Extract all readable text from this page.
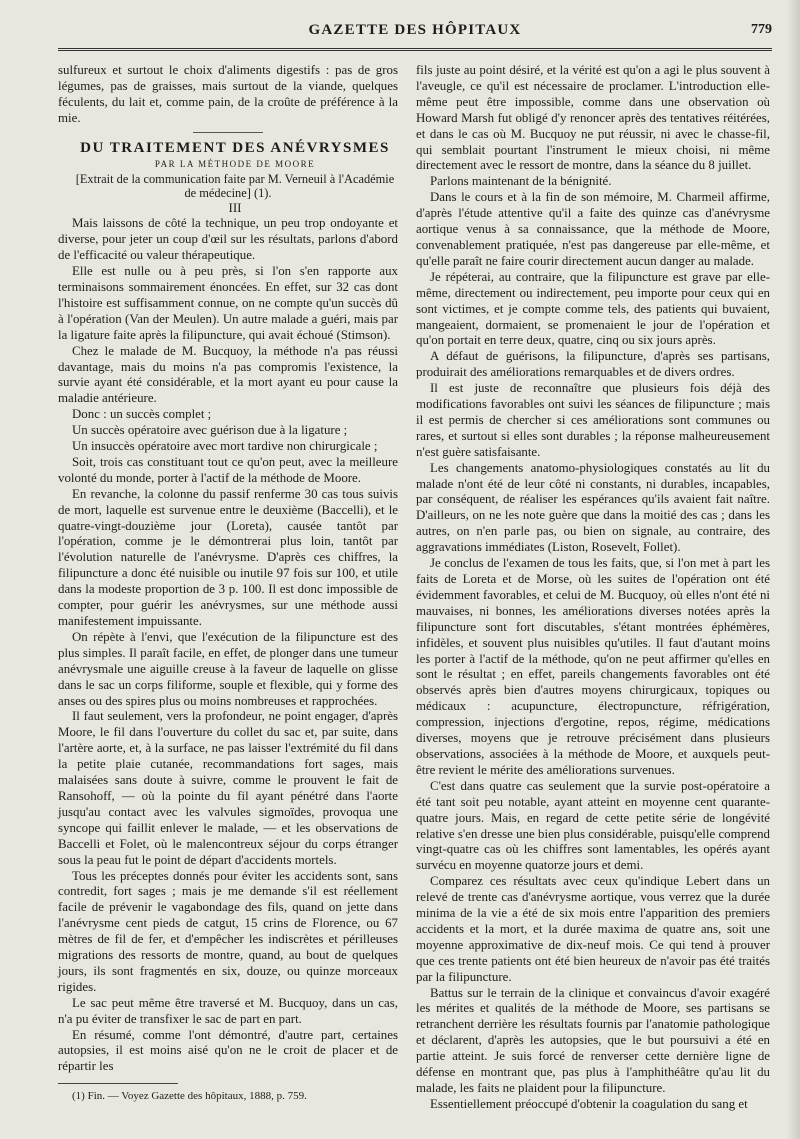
GAZETTE DES HÔPITAUX	779

sulfureux et surtout le choix d'aliments digestifs : pas de gros légumes, pas de graisses, mais surtout de la viande, quelques féculents, du lait et, comme pain, de la croûte de préférence à la mie.

DU TRAITEMENT DES ANÉVRYSMES

PAR LA MÉTHODE DE MOORE

[Extrait de la communication faite par M. Verneuil à l'Académie de médecine] (1).

III

Mais laissons de côté la technique, un peu trop ondoyante et diverse, pour jeter un coup d'œil sur les résultats, parlons d'abord de l'efficacité ou valeur thérapeutique.

Elle est nulle ou à peu près, si l'on s'en rapporte aux terminaisons sommairement énoncées. En effet, sur 32 cas dont l'histoire est suffisamment connue, on ne compte qu'un succès dû à l'opération (Van der Meulen). Un autre malade a guéri, mais par la ligature faite après la filipuncture, qui avait échoué (Stimson).

Chez le malade de M. Bucquoy, la méthode n'a pas réussi davantage, mais du moins n'a pas compromis l'existence, la survie ayant été considérable, et la mort ayant eu pour cause la maladie antérieure.

Donc : un succès complet ;

Un succès opératoire avec guérison due à la ligature ;

Un insuccès opératoire avec mort tardive non chirurgicale ;

Soit, trois cas constituant tout ce qu'on peut, avec la meilleure volonté du monde, porter à l'actif de la méthode de Moore.

En revanche, la colonne du passif renferme 30 cas tous suivis de mort, laquelle est survenue entre le deuxième (Baccelli), et le quatre-vingt-douzième jour (Loreta), causée tantôt par l'opération, comme je le démontrerai plus loin, tantôt par l'évolution naturelle de l'anévrysme. D'après ces chiffres, la filipuncture a donc été nuisible ou inutile 97 fois sur 100, et utile dans la modeste proportion de 3 p. 100. Il est donc impossible de compter, pour guérir les anévrysmes, sur une méthode aussi manifestement impuissante.

On répète à l'envi, que l'exécution de la filipuncture est des plus simples. Il paraît facile, en effet, de plonger dans une tumeur anévrysmale une aiguille creuse à la faveur de laquelle on glisse dans le sac un corps filiforme, souple et flexible, qui y forme des anses ou des spires plus ou moins nombreuses et rapprochées.

Il faut seulement, vers la profondeur, ne point engager, d'après Moore, le fil dans l'ouverture du collet du sac et, par suite, dans l'artère aorte, et, à la surface, ne pas laisser l'extrémité du fil dans la petite plaie cutanée, recommandations fort sages, mais malaisées sans doute à suivre, comme le prouvent le fait de Ransohoff, — où la pointe du fil ayant pénétré dans l'aorte jusqu'au contact avec les valvules sigmoïdes, provoqua une syncope qui faillit enlever le malade, — et les observations de Baccelli et Folet, où le malencontreux séjour du corps étranger sous la peau fut le point de départ d'accidents mortels.

Tous les préceptes donnés pour éviter les accidents sont, sans contredit, fort sages ; mais je me demande s'il est réellement facile de prévenir le vagabondage des fils, quand on jette dans l'anévrysme cent pieds de catgut, 15 crins de Florence, ou 67 mètres de fil de fer, et d'empêcher les indiscrètes et périlleuses migrations des ressorts de montre, quand, au bout de quelques jours, ils sont fragmentés en six, douze, ou quinze morceaux rigides.

Le sac peut même être traversé et M. Bucquoy, dans un cas, n'a pu éviter de transfixer le sac de part en part.

En résumé, comme l'ont démontré, d'autre part, certaines autopsies, il est moins aisé qu'on ne le croit de placer et de répartir les

(1) Fin. — Voyez Gazette des hôpitaux, 1888, p. 759.

fils juste au point désiré, et la vérité est qu'on a agi le plus souvent à l'aveugle, ce qu'il est nécessaire de proclamer. L'introduction elle-même peut être impossible, comme dans une observation où Howard Marsh fut obligé d'y renoncer après des tentatives réitérées, et dans le cas où M. Bucquoy ne put réussir, ni avec le chasse-fil, qui semblait pourtant l'instrument le mieux choisi, ni même directement avec le ressort de montre, dans la séance du 8 juillet.

Parlons maintenant de la bénignité.

Dans le cours et à la fin de son mémoire, M. Charmeil affirme, d'après l'étude attentive qu'il a faite des quinze cas d'anévrysme aortique venus à sa connaissance, que la méthode de Moore, convenablement pratiquée, n'est pas dangereuse par elle-même, et qu'elle paraît ne faire courir directement aucun danger au malade.

Je répéterai, au contraire, que la filipuncture est grave par elle-même, directement ou indirectement, peu importe pour ceux qui en sont victimes, et je compte comme tels, des patients qui buvaient, mangeaient, dormaient, se promenaient le jour de l'opération et qu'on portait en terre deux, quatre, cinq ou six jours après.

A défaut de guérisons, la filipuncture, d'après ses partisans, produirait des améliorations remarquables et de divers ordres.

Il est juste de reconnaître que plusieurs fois déjà des modifications favorables ont suivi les séances de filipuncture ; mais il est permis de chercher si ces améliorations sont communes ou rares, et surtout si elles sont durables ; la réponse malheureusement n'est guère satisfaisante.

Les changements anatomo-physiologiques constatés au lit du malade n'ont été de leur côté ni constants, ni durables, incapables, par conséquent, de réaliser les espérances qu'ils avaient fait naître. D'ailleurs, on ne les note guère que dans la moitié des cas ; dans les autres, on n'en parle pas, ou bien on signale, au contraire, des aggravations immédiates (Liston, Rosevelt, Follet).

Je conclus de l'examen de tous les faits, que, si l'on met à part les faits de Loreta et de Morse, où les suites de l'opération ont été évidemment favorables, et celui de M. Bucquoy, où elles n'ont été ni mauvaises, ni bonnes, les améliorations diverses notées après la filipuncture sont fort discutables, s'étant montrées éphémères, infidèles, et souvent plus nuisibles qu'utiles. Il faut d'autant moins les porter à l'actif de la méthode, qu'on ne peut affirmer qu'elles en sont le résultat ; en effet, pareils changements favorables ont été observés après bien d'autres moyens chirurgicaux, topiques ou médicaux : acupuncture, électropuncture, réfrigération, compression, injections d'ergotine, repos, régime, médications diverses, moyens que je retrouve précisément dans plusieurs observations, associées à la méthode de Moore, et auxquels peut-être revient le mérite des améliorations survenues.

C'est dans quatre cas seulement que la survie post-opératoire a été tant soit peu notable, ayant atteint en moyenne cent quarante-quatre jours. Mais, en regard de cette petite série de longévité relative s'en dresse une bien plus considérable, puisqu'elle comprend vingt-quatre cas où les chiffres sont lamentables, les opérés ayant survécu en moyenne quatorze jours et demi.

Comparez ces résultats avec ceux qu'indique Lebert dans un relevé de trente cas d'anévrysme aortique, vous verrez que la durée minima de la vie a été de six mois entre l'apparition des premiers accidents et la mort, et la durée maxima de quatre ans, soit une moyenne approximative de dix-neuf mois. Ce qui tend à prouver que ces trente patients ont été bien heureux de n'avoir pas été traités par la filipuncture.

Battus sur le terrain de la clinique et convaincus d'avoir exagéré les mérites et qualités de la méthode de Moore, ses partisans se retranchent derrière les résultats fournis par l'anatomie pathologique et déclarent, d'après les autopsies, que le but poursuivi a été en partie atteint. Je suis forcé de renverser cette dernière ligne de défense en montrant que, pas plus à l'amphithéâtre qu'au lit du malade, les faits ne plaident pour la filipuncture.

Essentiellement préoccupé d'obtenir la coagulation du sang et
